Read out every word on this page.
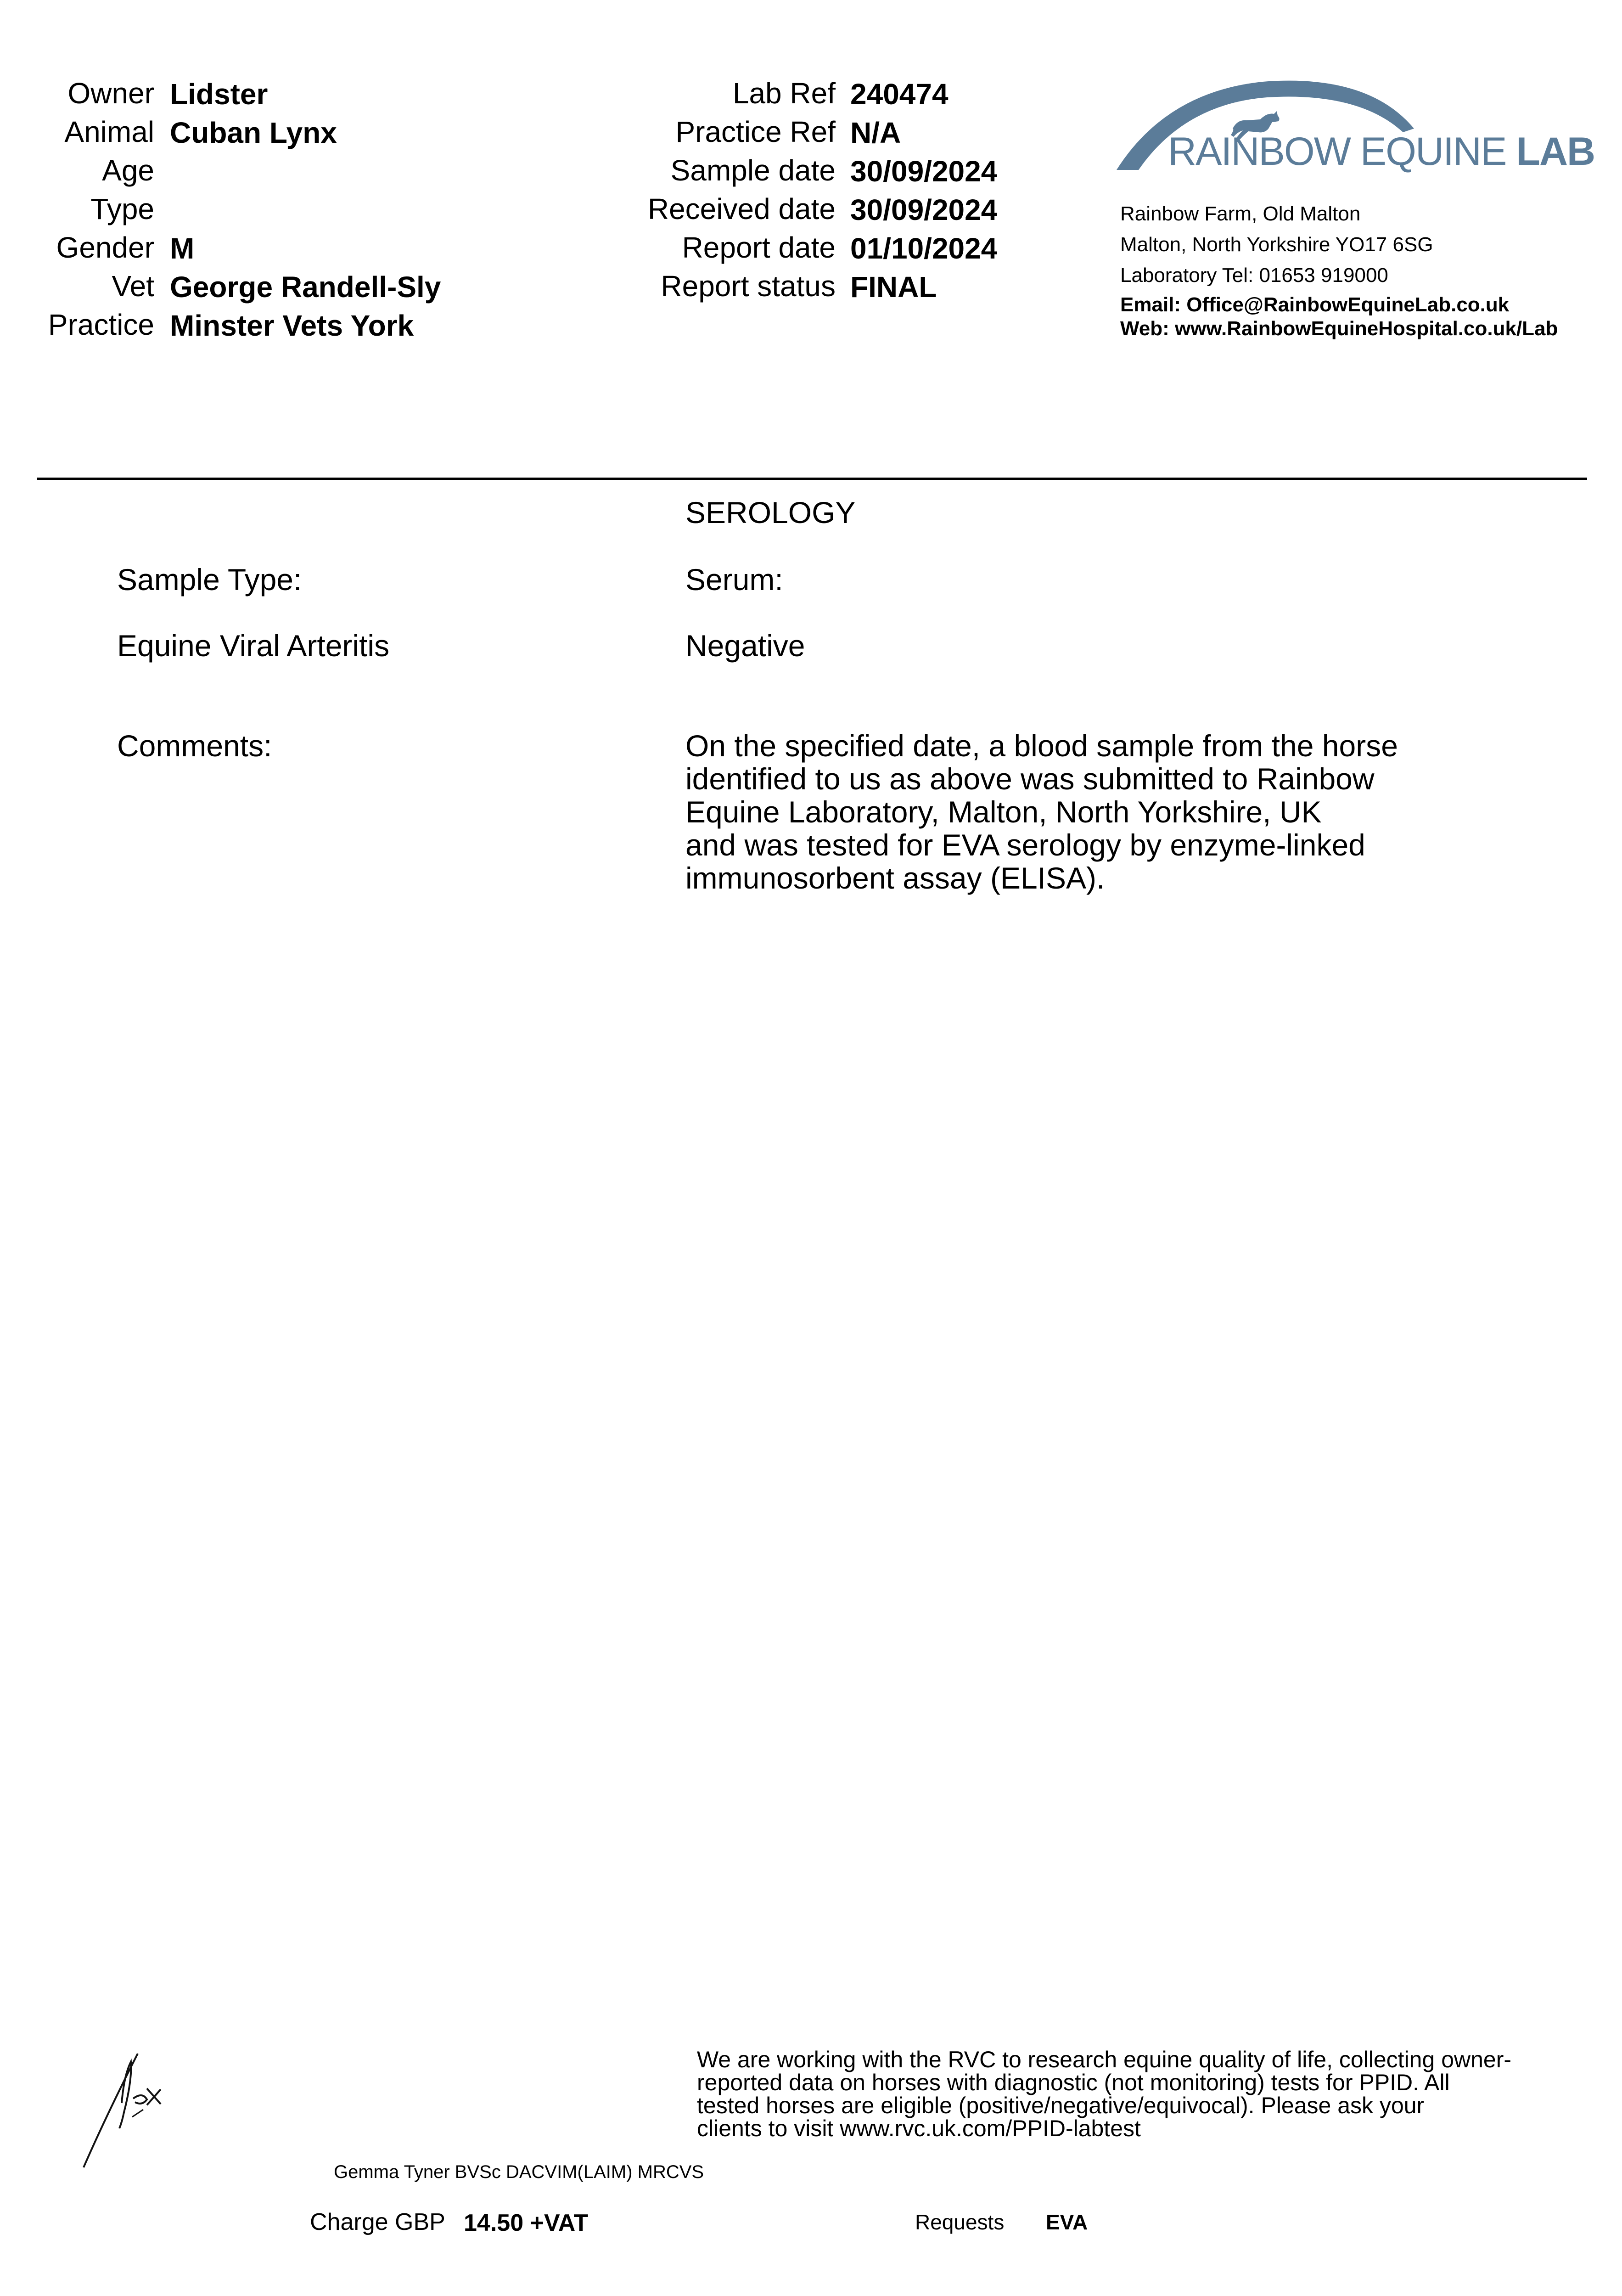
Owner Lidster
Animal Cuban Lynx
Age
Type
Gender M
Vet George Randell-Sly
Practice Minster Vets York
Lab Ref 240474
Practice Ref N/A
Sample date 30/09/2024
Received date 30/09/2024
Report date 01/10/2024
Report status FINAL
RAINBOW EQUINE LAB
Rainbow Farm, Old Malton
Malton, North Yorkshire YO17 6SG
Laboratory Tel: 01653 919000
Email: Office@RainbowEquineLab.co.uk
Web: www.RainbowEquineHospital.co.uk/Lab
SEROLOGY
Sample Type:	Serum:
Equine Viral Arteritis	Negative
Comments:	On the specified date, a blood sample from the horse
identified to us as above was submitted to Rainbow
Equine Laboratory, Malton, North Yorkshire, UK
and was tested for EVA serology by enzyme-linked
immunosorbent assay (ELISA).
We are working with the RVC to research equine quality of life, collecting owner-
reported data on horses with diagnostic (not monitoring) tests for PPID. All
tested horses are eligible (positive/negative/equivocal). Please ask your
clients to visit www.rvc.uk.com/PPID-labtest
Gemma Tyner BVSc DACVIM(LAIM) MRCVS
Charge GBP 14.50 +VAT	Requests EVA
